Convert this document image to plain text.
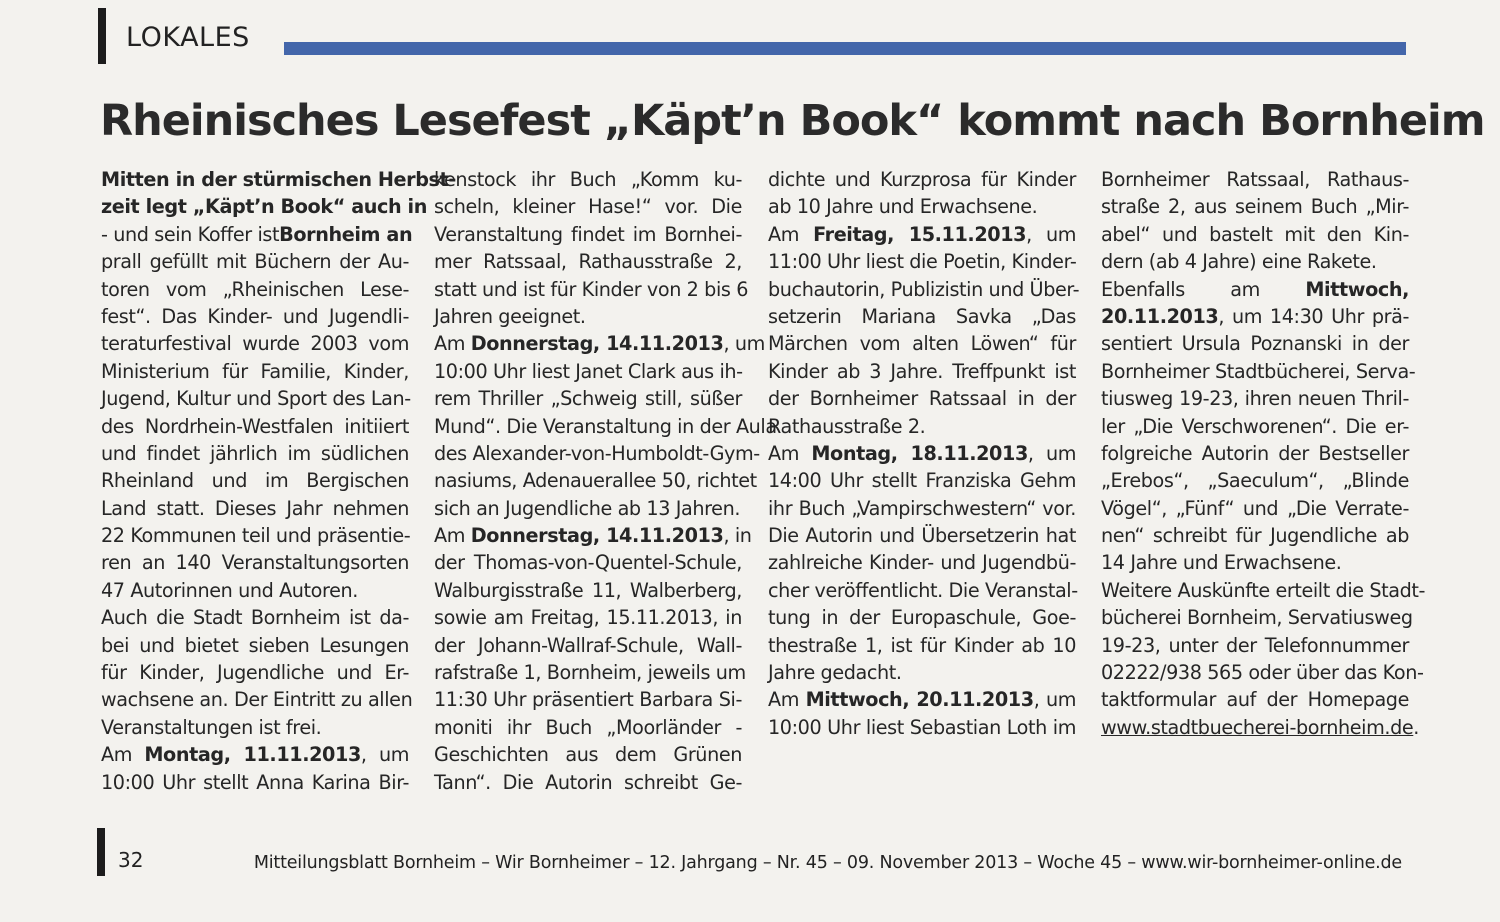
LOKALES
Rheinisches Lesefest „Käpt’n Book“ kommt nach Bornheim
Mitten in der stürmischen Herbst-
zeit legt „Käpt’n Book“ auch in
- und sein Koffer istBornheim an
prall gefüllt mit Büchern der Au-
toren vom „Rheinischen Lese-
fest“. Das Kinder- und Jugendli-
teraturfestival wurde 2003 vom
Ministerium für Familie, Kinder,
Jugend, Kultur und Sport des Lan-
des Nordrhein-Westfalen initiiert
und findet jährlich im südlichen
Rheinland und im Bergischen
Land statt. Dieses Jahr nehmen
22 Kommunen teil und präsentie-
ren an 140 Veranstaltungsorten
47 Autorinnen und Autoren.
Auch die Stadt Bornheim ist da-
bei und bietet sieben Lesungen
für Kinder, Jugendliche und Er-
wachsene an. Der Eintritt zu allen
Veranstaltungen ist frei.
Am Montag, 11.11.2013, um
10:00 Uhr stellt Anna Karina Bir-
kenstock ihr Buch „Komm ku-
scheln, kleiner Hase!“ vor. Die
Veranstaltung findet im Bornhei-
mer Ratssaal, Rathausstraße 2,
statt und ist für Kinder von 2 bis 6
Jahren geeignet.
Am Donnerstag, 14.11.2013, um
10:00 Uhr liest Janet Clark aus ih-
rem Thriller „Schweig still, süßer
Mund“. Die Veranstaltung in der Aula
des Alexander-von-Humboldt-Gym-
nasiums, Adenauerallee 50, richtet
sich an Jugendliche ab 13 Jahren.
Am Donnerstag, 14.11.2013, in
der Thomas-von-Quentel-Schule,
Walburgisstraße 11, Walberberg,
sowie am Freitag, 15.11.2013, in
der Johann-Wallraf-Schule, Wall-
rafstraße 1, Bornheim, jeweils um
11:30 Uhr präsentiert Barbara Si-
moniti ihr Buch „Moorländer -
Geschichten aus dem Grünen
Tann“. Die Autorin schreibt Ge-
dichte und Kurzprosa für Kinder
ab 10 Jahre und Erwachsene.
Am Freitag, 15.11.2013, um
11:00 Uhr liest die Poetin, Kinder-
buchautorin, Publizistin und Über-
setzerin Mariana Savka „Das
Märchen vom alten Löwen“ für
Kinder ab 3 Jahre. Treffpunkt ist
der Bornheimer Ratssaal in der
Rathausstraße 2.
Am Montag, 18.11.2013, um
14:00 Uhr stellt Franziska Gehm
ihr Buch „Vampirschwestern“ vor.
Die Autorin und Übersetzerin hat
zahlreiche Kinder- und Jugendbü-
cher veröffentlicht. Die Veranstal-
tung in der Europaschule, Goe-
thestraße 1, ist für Kinder ab 10
Jahre gedacht.
Am Mittwoch, 20.11.2013, um
10:00 Uhr liest Sebastian Loth im
Bornheimer Ratssaal, Rathaus-
straße 2, aus seinem Buch „Mir-
abel“ und bastelt mit den Kin-
dern (ab 4 Jahre) eine Rakete.
Ebenfalls am Mittwoch,
20.11.2013, um 14:30 Uhr prä-
sentiert Ursula Poznanski in der
Bornheimer Stadtbücherei, Serva-
tiusweg 19-23, ihren neuen Thril-
ler „Die Verschworenen“. Die er-
folgreiche Autorin der Bestseller
„Erebos“, „Saeculum“, „Blinde
Vögel“, „Fünf“ und „Die Verrate-
nen“ schreibt für Jugendliche ab
14 Jahre und Erwachsene.
Weitere Auskünfte erteilt die Stadt-
bücherei Bornheim, Servatiusweg
19-23, unter der Telefonnummer
02222/938 565 oder über das Kon-
taktformular auf der Homepage
www.stadtbuecherei-bornheim.de.
32	Mitteilungsblatt Bornheim – Wir Bornheimer – 12. Jahrgang – Nr. 45 – 09. November 2013 – Woche 45 – www.wir-bornheimer-online.de
